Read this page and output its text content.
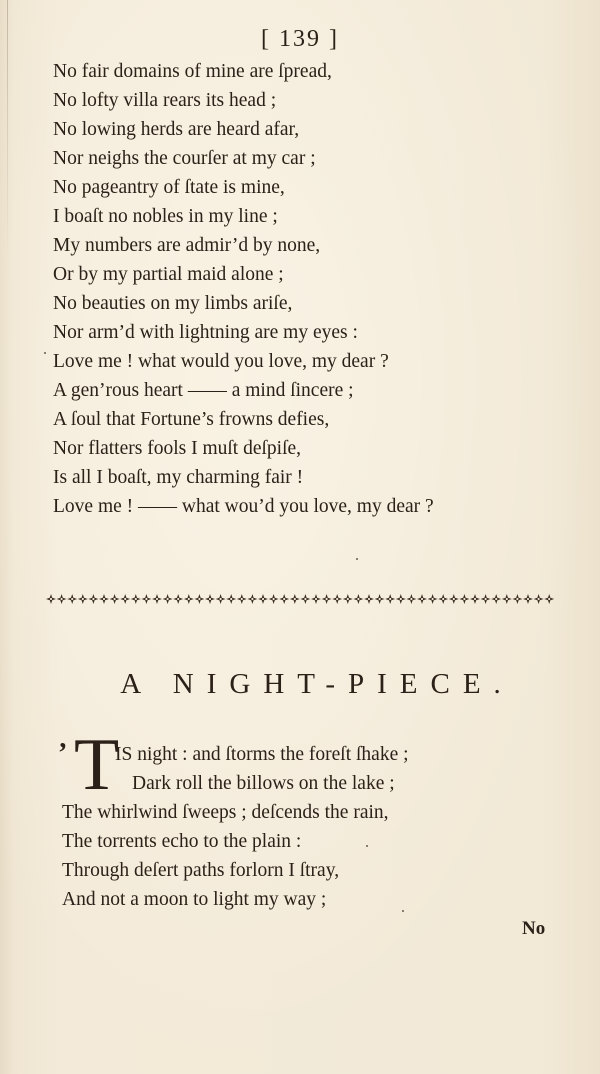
[ 139 ]
No fair domains of mine are ſpread,
No lofty villa rears its head ;
No lowing herds are heard afar,
Nor neighs the courſer at my car ;
No pageantry of ſtate is mine,
I boaſt no nobles in my line ;
My numbers are admir’d by none,
Or by my partial maid alone ;
No beauties on my limbs ariſe,
Nor arm’d with lightning are my eyes :
Love me ! what would you love, my dear ?
A gen’rous heart —— a mind ſincere ;
A ſoul that Fortune’s frowns defies,
Nor flatters fools I muſt deſpiſe,
Is all I boaſt, my charming fair !
Love me ! —— what wou’d you love, my dear ?
A NIGHT-PIECE.
’ T
IS night : and ſtorms the foreſt ſhake ;
Dark roll the billows on the lake ;
The whirlwind ſweeps ; deſcends the rain,
The torrents echo to the plain :
Through deſert paths forlorn I ſtray,
And not a moon to light my way ;
No
